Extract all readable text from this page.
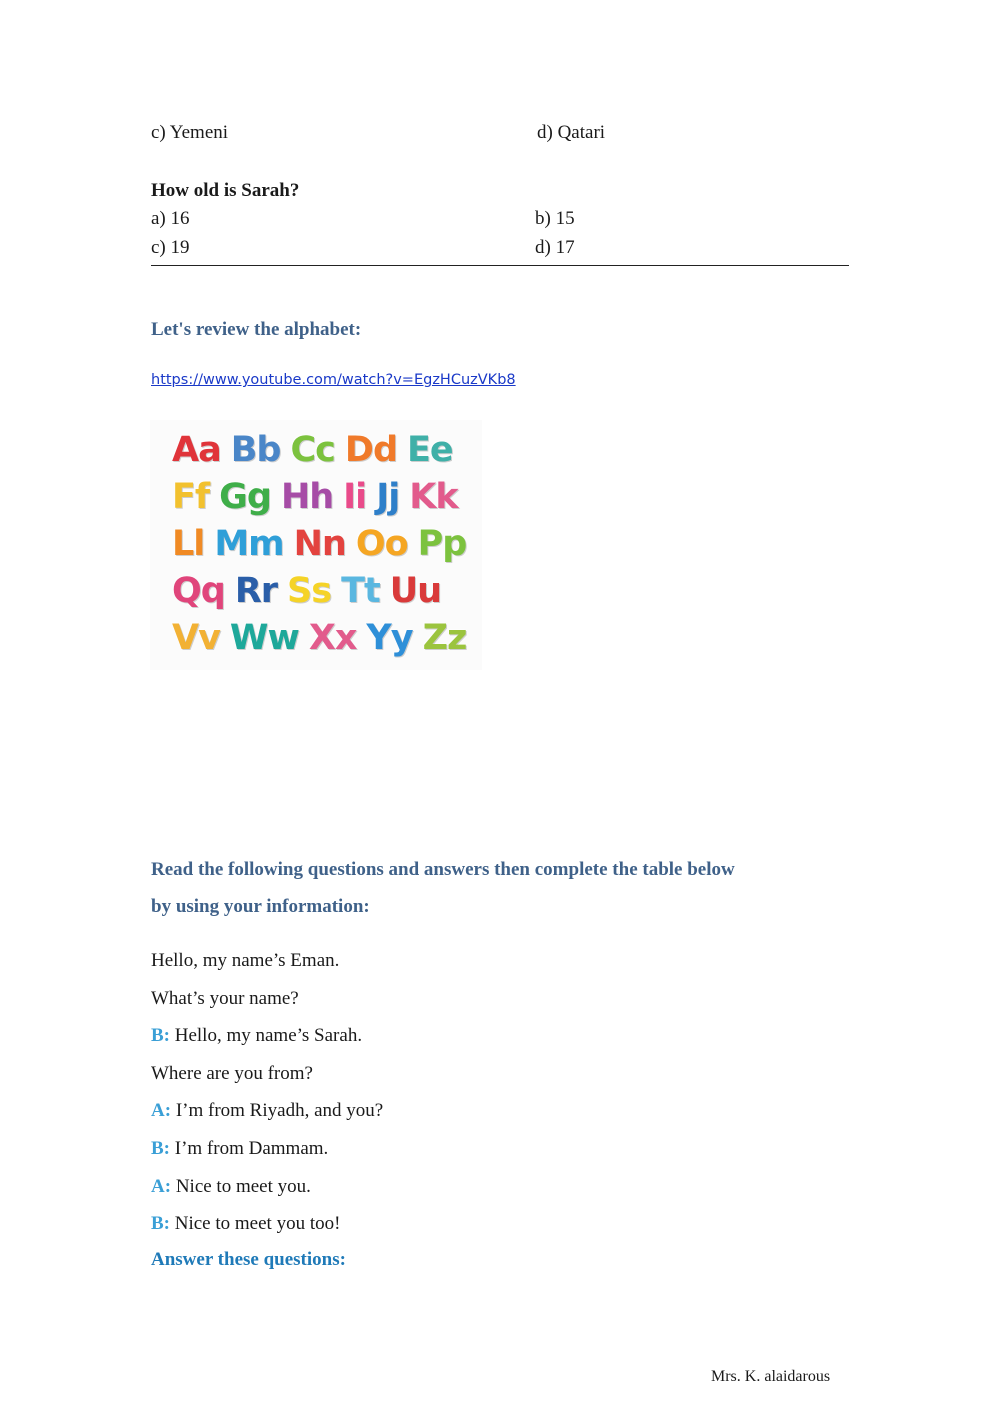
c) Yemeni	d) Qatari
How old is Sarah?
a) 16	b) 15
c) 19	d) 17
Let's review the alphabet:
https://www.youtube.com/watch?v=EgzHCuzVKb8
Aa Bb Cc Dd Ee
Ff Gg Hh Ii Jj Kk
Ll Mm Nn Oo Pp
Qq Rr Ss Tt Uu
Vv Ww Xx Yy Zz
Read the following questions and answers then complete the table below
by using your information:
Hello, my name’s Eman.
What’s your name?
B: Hello, my name’s Sarah.
Where are you from?
A: I’m from Riyadh, and you?
B: I’m from Dammam.
A: Nice to meet you.
B: Nice to meet you too!
Answer these questions:
Mrs. K. alaidarous
